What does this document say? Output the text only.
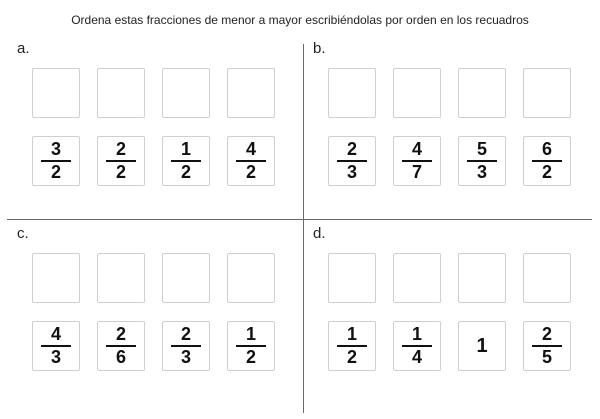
Ordena estas fracciones de menor a mayor escribiéndolas por orden en los recuadros
a.
$\frac{3}{2} \frac{2}{2} \frac{1}{2} \frac{4}{2}$
b.
$\frac{2}{3} \frac{4}{7} \frac{5}{3} \frac{6}{2}$
c.
$\frac{4}{3} \frac{2}{6} \frac{2}{3} \frac{1}{2}$
d.
$\frac{1}{2} \frac{1}{4} 1 \frac{2}{5}$
